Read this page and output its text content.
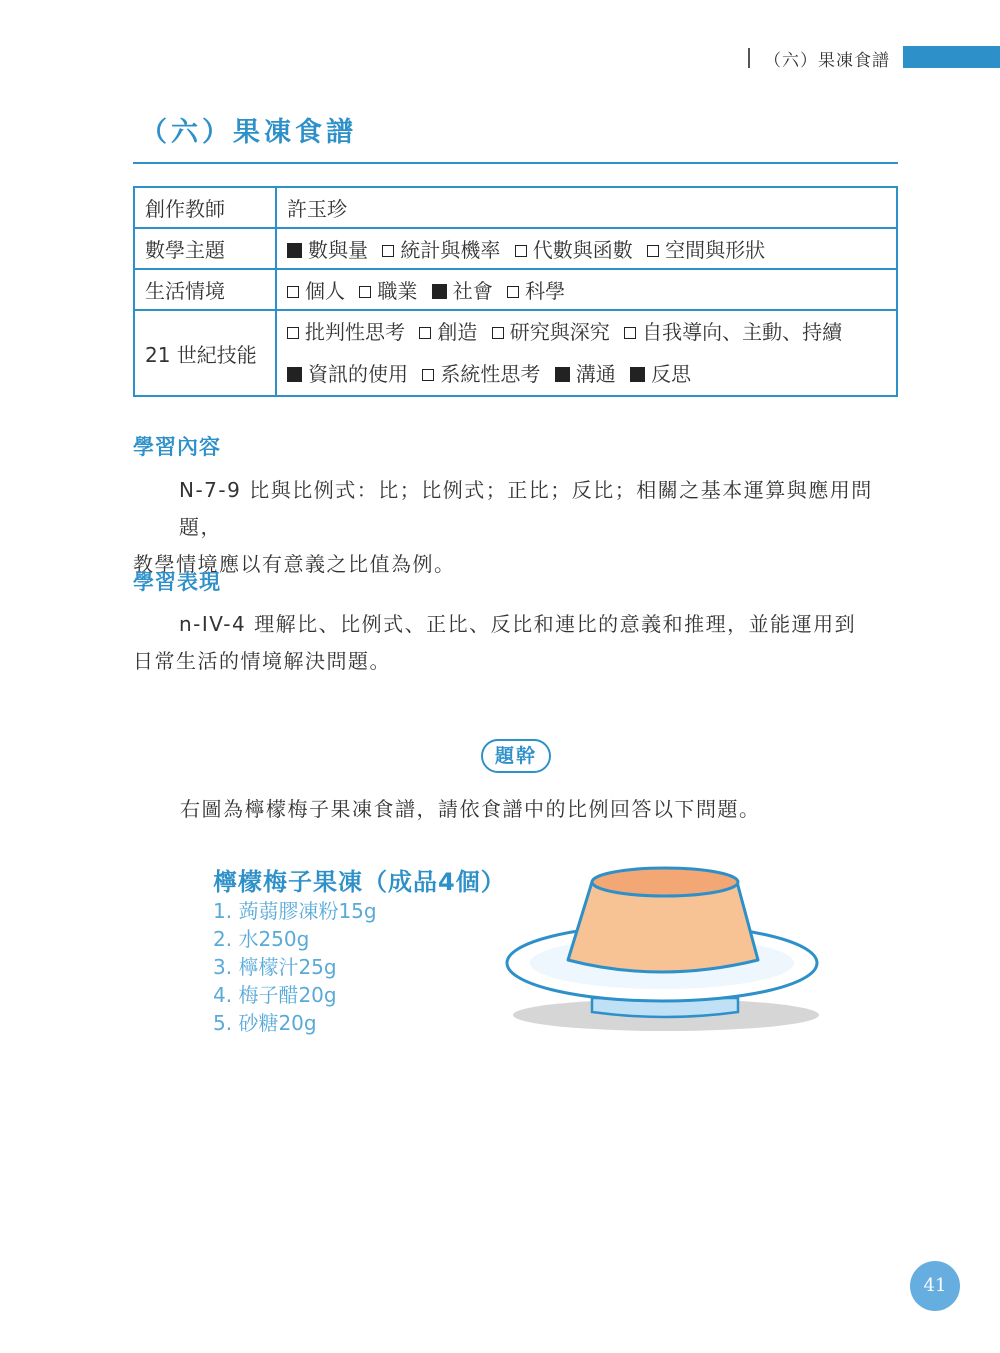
（六）果凍食譜
（六）果凍食譜
創作教師	許玉珍
數學主題	數與量 統計與機率 代數與函數 空間與形狀
生活情境	個人 職業 社會 科學
21 世紀技能	批判性思考 創造 研究與深究 自我導向、主動、持續
資訊的使用 系統性思考 溝通 反思
學習內容
N-7-9 比與比例式：比；比例式；正比；反比；相關之基本運算與應用問題，
教學情境應以有意義之比值為例。
學習表現
n-IV-4 理解比、比例式、正比、反比和連比的意義和推理，並能運用到
日常生活的情境解決問題。
題幹
右圖為檸檬梅子果凍食譜，請依食譜中的比例回答以下問題。
檸檬梅子果凍（成品4個）
1. 蒟蒻膠凍粉15g
2. 水250g
3. 檸檬汁25g
4. 梅子醋20g
5. 砂糖20g
41
